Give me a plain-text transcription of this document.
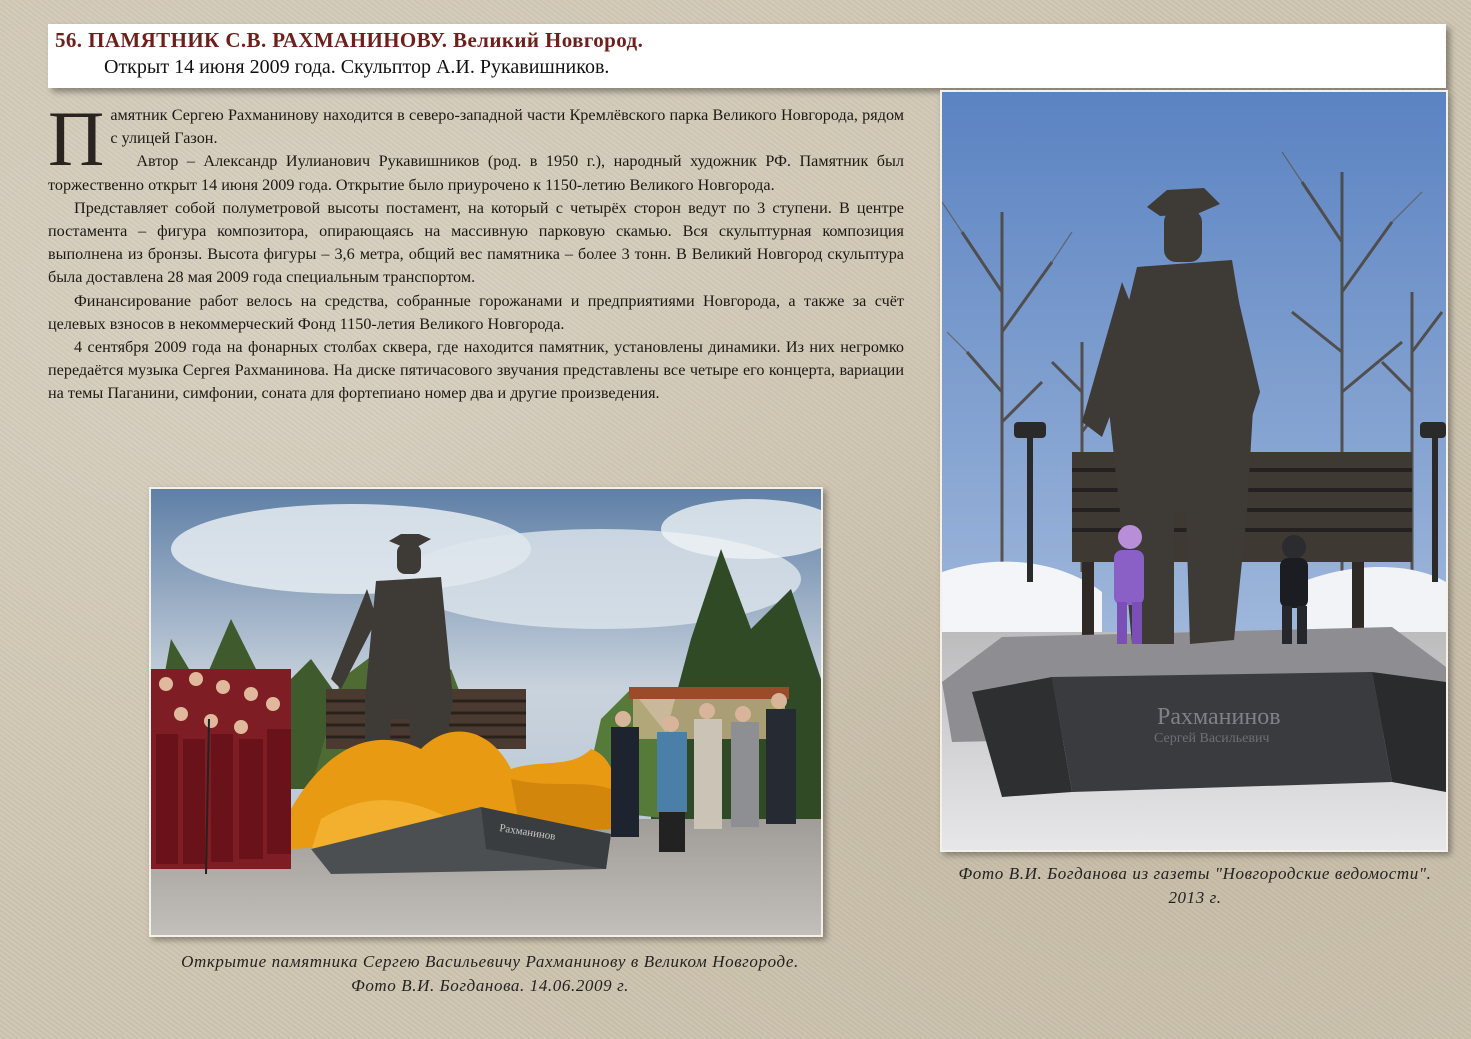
56. ПАМЯТНИК С.В. РАХМАНИНОВУ. Великий Новгород.
Открыт 14 июня 2009 года. Скульптор А.И. Рукавишников.

Памятник Сергею Рахманинову находится в северо-западной части Кремлёвского парка Великого Новгорода, рядом с улицей Газон.

Автор – Александр Иулианович Рукавишников (род. в 1950 г.), народный художник РФ. Памятник был торжественно открыт 14 июня 2009 года. Открытие было приурочено к 1150-летию Великого Новгорода.

Представляет собой полуметровой высоты постамент, на который с четырёх сторон ведут по 3 ступени. В центре постамента – фигура композитора, опирающаясь на массивную парковую скамью. Вся скульптурная композиция выполнена из бронзы. Высота фигуры – 3,6 метра, общий вес памятника – более 3 тонн. В Великий Новгород скульптура была доставлена 28 мая 2009 года специальным транспортом.

Финансирование работ велось на средства, собранные горожанами и предприятиями Новгорода, а также за счёт целевых взносов в некоммерческий Фонд 1150-летия Великого Новгорода.

4 сентября 2009 года на фонарных столбах сквера, где находится памятник, установлены динамики. Из них негромко передаётся музыка Сергея Рахманинова. На диске пятичасового звучания представлены все четыре его концерта, вариации на темы Паганини, симфонии, соната для фортепиано номер два и другие произведения.

Рахманинов
Открытие памятника Сергею Васильевичу Рахманинову в Великом Новгороде.
Фото В.И. Богданова. 14.06.2009 г.
Рахманинов
Сергей Васильевич
Фото В.И. Богданова из газеты "Новгородские ведомости".
2013 г.
